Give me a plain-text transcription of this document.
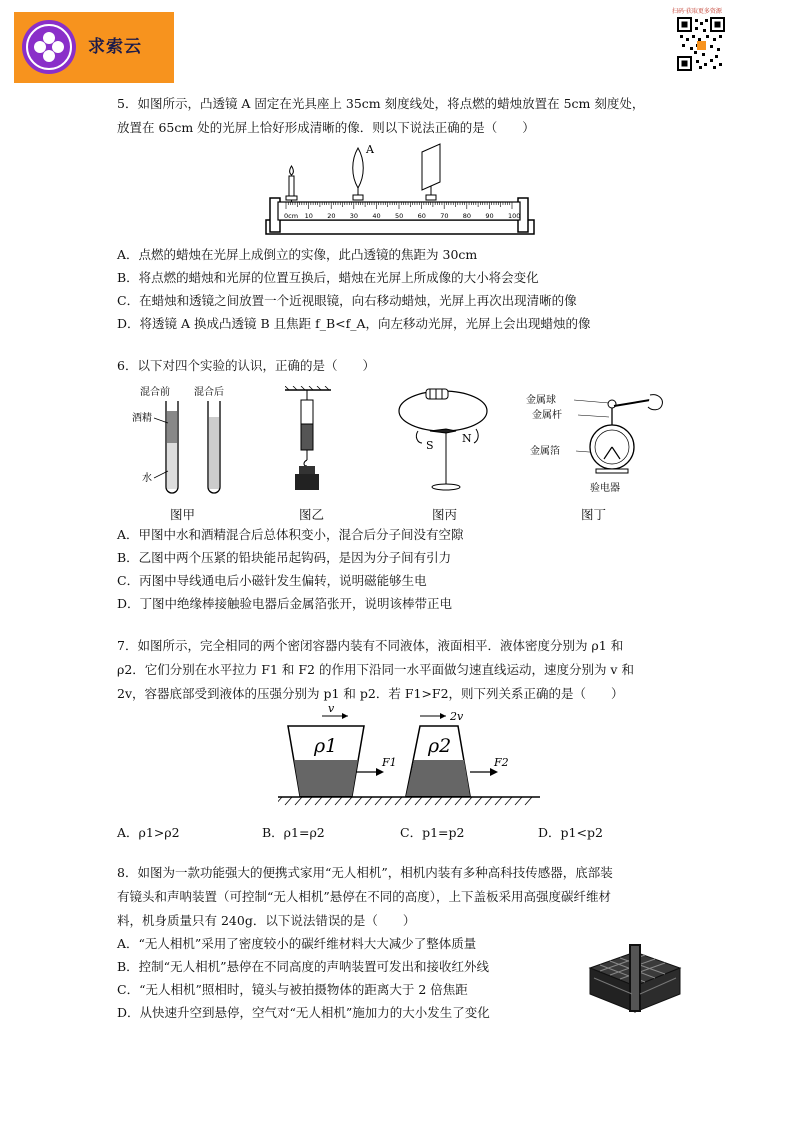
求索云
扫码·获取更多资源
5．如图所示，凸透镜 A 固定在光具座上 35cm 刻度线处，将点燃的蜡烛放置在 5cm 刻度处，
放置在 65cm 处的光屏上恰好形成清晰的像．则以下说法正确的是（　　）
A
0cm 10 20 30 40 50 60 70 80 90 100
A．点燃的蜡烛在光屏上成倒立的实像，此凸透镜的焦距为 30cm
B．将点燃的蜡烛和光屏的位置互换后，蜡烛在光屏上所成像的大小将会变化
C．在蜡烛和透镜之间放置一个近视眼镜，向右移动蜡烛，光屏上再次出现清晰的像
D．将透镜 A 换成凸透镜 B 且焦距 f_B<f_A，向左移动光屏，光屏上会出现蜡烛的像
6．以下对四个实验的认识，正确的是（　　）
混合前 混合后
酒精
水
图甲	图乙
S
N
图丙
金属球
金属杆
金属箔
验电器
图丁
A．甲图中水和酒精混合后总体积变小，混合后分子间没有空隙
B．乙图中两个压紧的铅块能吊起钩码，是因为分子间有引力
C．丙图中导线通电后小磁针发生偏转，说明磁能够生电
D．丁图中绝缘棒接触验电器后金属箔张开，说明该棒带正电
7．如图所示，完全相同的两个密闭容器内装有不同液体，液面相平．液体密度分别为 ρ1 和
ρ2．它们分别在水平拉力 F1 和 F2 的作用下沿同一水平面做匀速直线运动，速度分别为 v 和
2v，容器底部受到液体的压强分别为 p1 和 p2．若 F1>F2，则下列关系正确的是（　　）
v
ρ1
F1
2v
ρ2
F2
A．ρ1>ρ2	B．ρ1=ρ2	C．p1=p2	D．p1<p2
8．如图为一款功能强大的便携式家用“无人相机”，相机内装有多种高科技传感器，底部装
有镜头和声呐装置（可控制“无人相机”悬停在不同的高度），上下盖板采用高强度碳纤维材
料，机身质量只有 240g．以下说法错误的是（　　）
A．“无人相机”采用了密度较小的碳纤维材料大大减少了整体质量
B．控制“无人相机”悬停在不同高度的声呐装置可发出和接收红外线
C．“无人相机”照相时，镜头与被拍摄物体的距离大于 2 倍焦距
D．从快速升空到悬停，空气对“无人相机”施加力的大小发生了变化
